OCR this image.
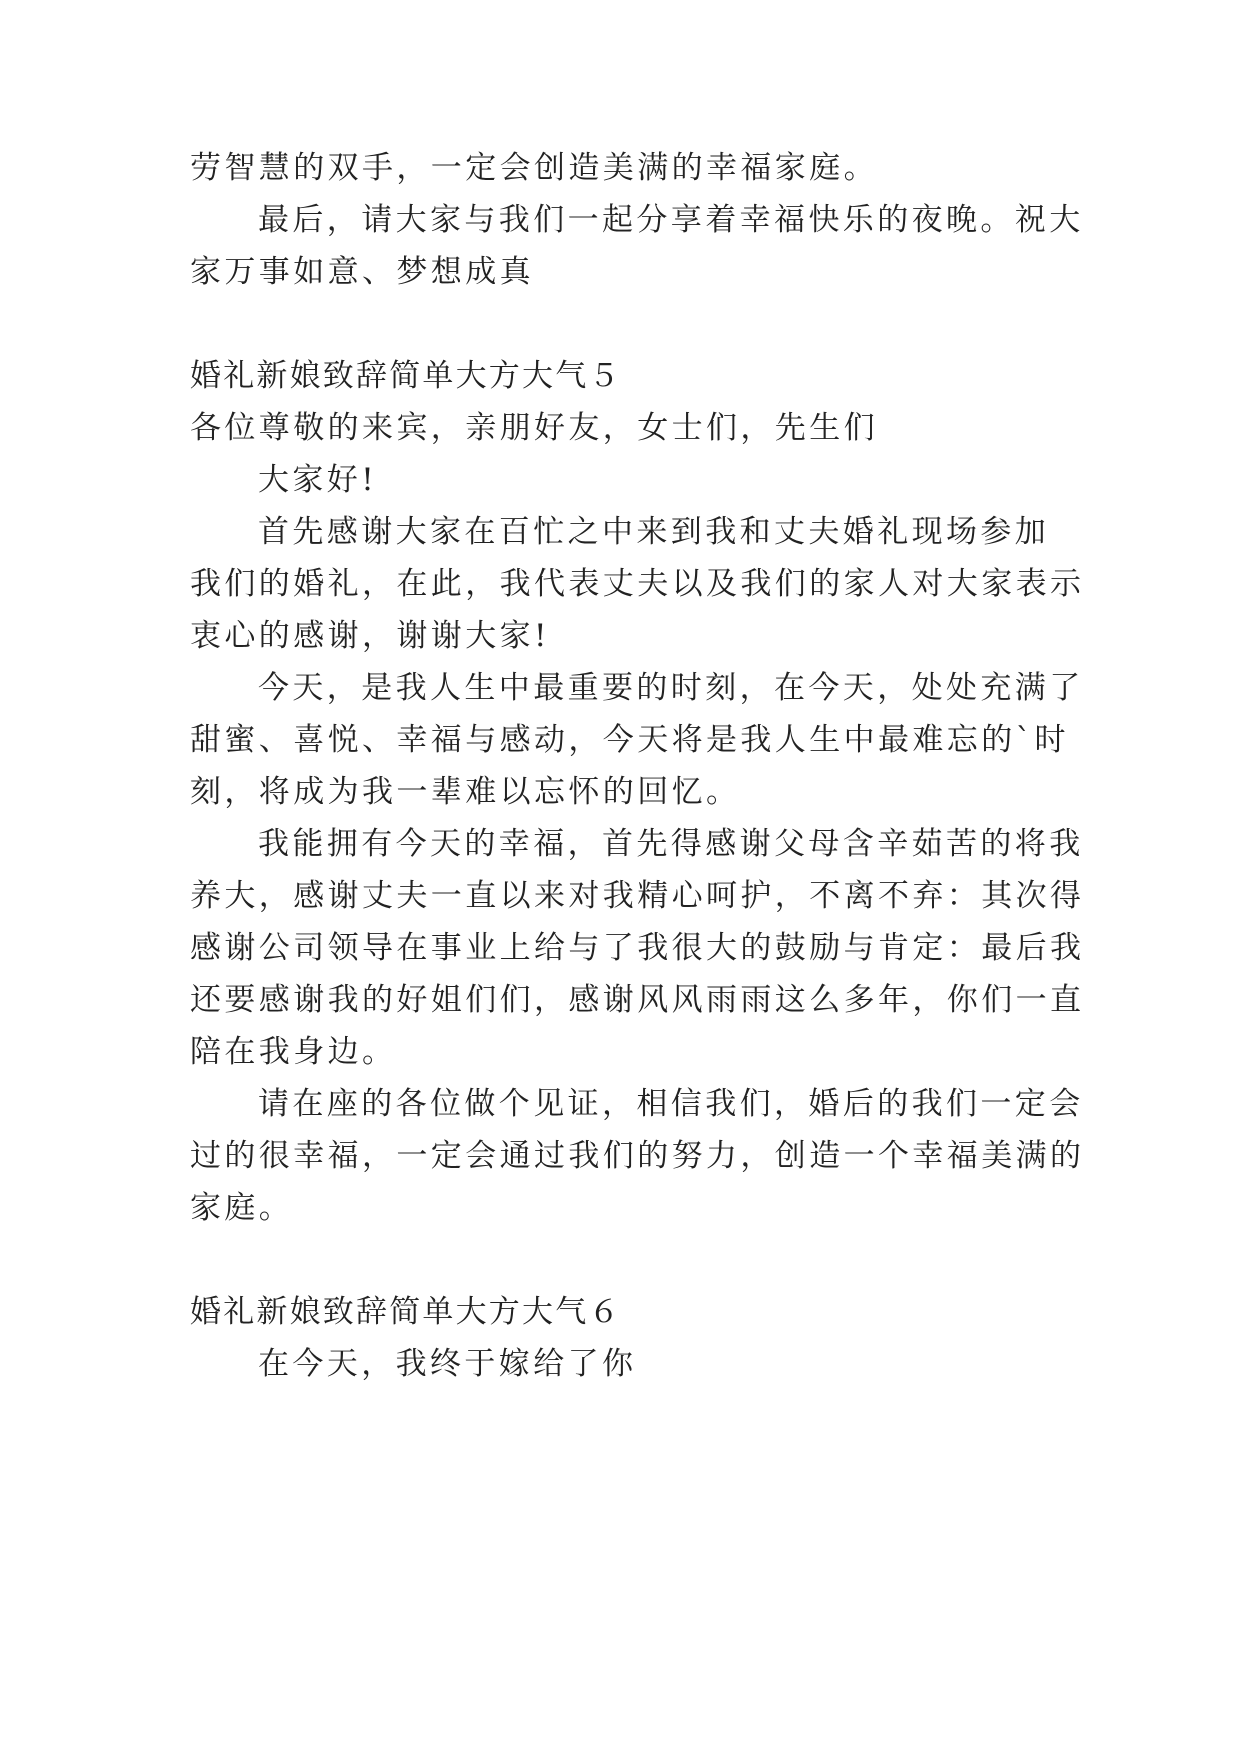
劳智慧的双手，一定会创造美满的幸福家庭。
最后，请大家与我们一起分享着幸福快乐的夜晚。祝大
家万事如意、梦想成真
婚礼新娘致辞简单大方大气５
各位尊敬的来宾，亲朋好友，女士们，先生们
大家好!
首先感谢大家在百忙之中来到我和丈夫婚礼现场参加
我们的婚礼，在此，我代表丈夫以及我们的家人对大家表示
衷心的感谢，谢谢大家!
今天，是我人生中最重要的时刻，在今天，处处充满了
甜蜜、喜悦、幸福与感动，今天将是我人生中最难忘的`时
刻，将成为我一辈难以忘怀的回忆。
我能拥有今天的幸福，首先得感谢父母含辛茹苦的将我
养大，感谢丈夫一直以来对我精心呵护，不离不弃：其次得
感谢公司领导在事业上给与了我很大的鼓励与肯定：最后我
还要感谢我的好姐们们，感谢风风雨雨这么多年，你们一直
陪在我身边。
请在座的各位做个见证，相信我们，婚后的我们一定会
过的很幸福，一定会通过我们的努力，创造一个幸福美满的
家庭。
婚礼新娘致辞简单大方大气６
在今天，我终于嫁给了你
